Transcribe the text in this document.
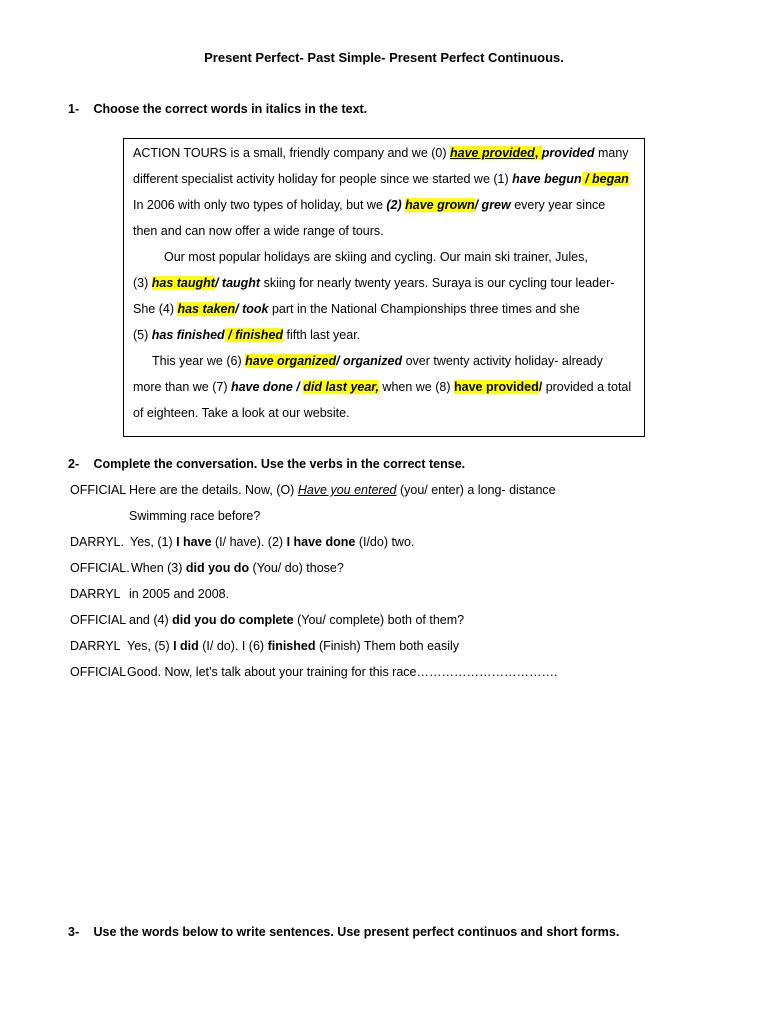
Present Perfect- Past Simple- Present Perfect Continuous.
1- Choose the correct words in italics in the text.
ACTION TOURS is a small, friendly company and we (0) have provided, provided many
different specialist activity holiday for people since we started we (1) have begun / began
In 2006 with only two types of holiday, but we (2) have grown/ grew every year since
then and can now offer a wide range of tours.
Our most popular holidays are skiing and cycling. Our main ski trainer, Jules,
(3) has taught/ taught skiing for nearly twenty years. Suraya is our cycling tour leader-
She (4) has taken/ took part in the National Championships three times and she
(5) has finished / finished fifth last year.
This year we (6) have organized/ organized over twenty activity holiday- already
more than we (7) have done / did last year, when we (8) have provided/ provided a total
of eighteen. Take a look at our website.
2- Complete the conversation. Use the verbs in the correct tense.
OFFICIAL Here are the details. Now, (O) Have you entered (you/ enter) a long- distance
Swimming race before?
DARRYL. Yes, (1) I have (I/ have). (2) I have done (I/do) two.
OFFICIAL. When (3) did you do (You/ do) those?
DARRYL in 2005 and 2008.
OFFICIAL and (4) did you do complete (You/ complete) both of them?
DARRYL Yes, (5) I did (I/ do). I (6) finished (Finish) Them both easily
OFFICIAL Good. Now, let’s talk about your training for this race…………………………….
3- Use the words below to write sentences. Use present perfect continuos and short forms.
